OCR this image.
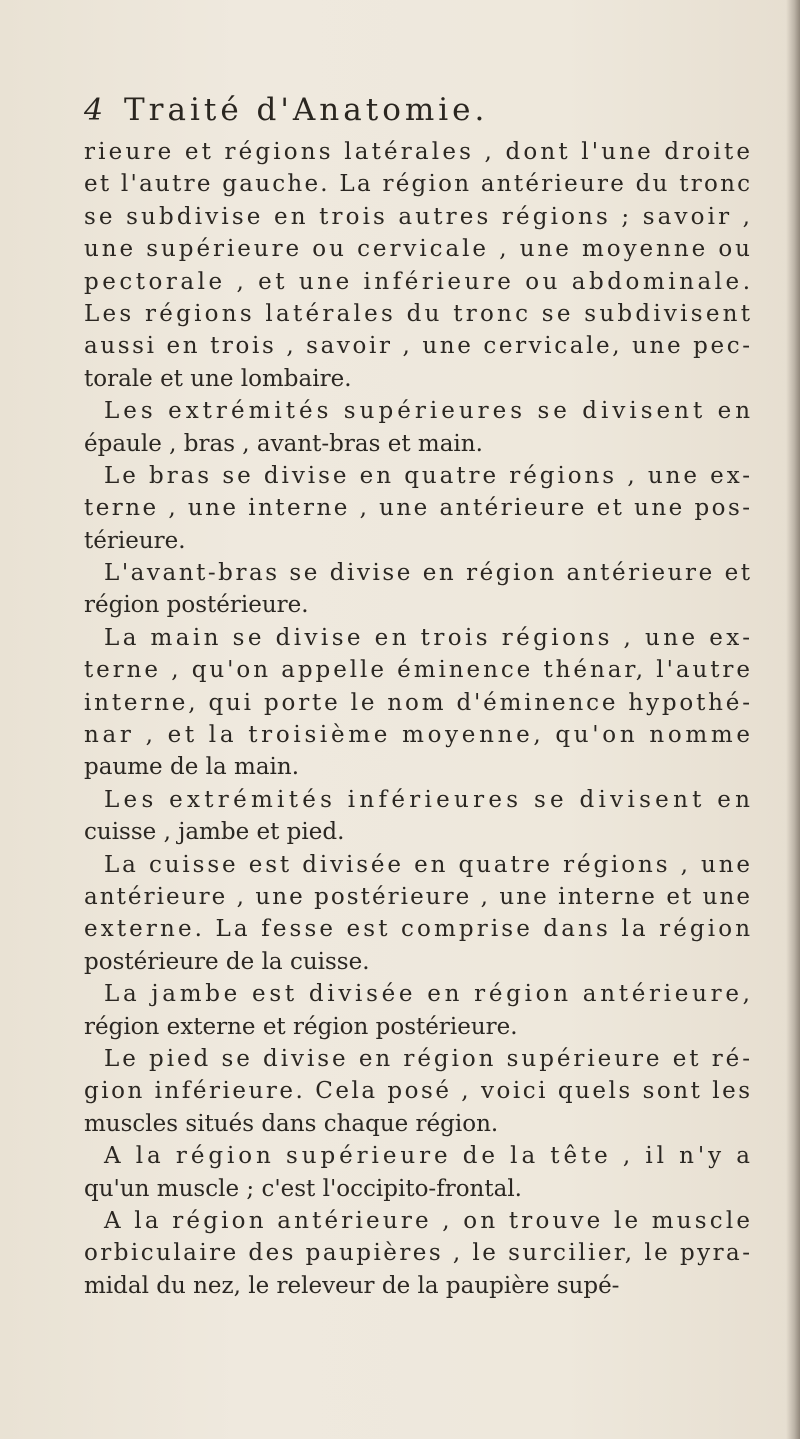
4 Traité d'Anatomie.
rieure et régions latérales , dont l'une droite
et l'autre gauche. La région antérieure du tronc
se subdivise en trois autres régions ; savoir ,
une supérieure ou cervicale , une moyenne ou
pectorale , et une inférieure ou abdominale.
Les régions latérales du tronc se subdivisent
aussi en trois , savoir , une cervicale, une pec-
torale et une lombaire.
Les extrémités supérieures se divisent en
épaule , bras , avant-bras et main.
Le bras se divise en quatre régions , une ex-
terne , une interne , une antérieure et une pos-
térieure.
L'avant-bras se divise en région antérieure et
région postérieure.
La main se divise en trois régions , une ex-
terne , qu'on appelle éminence thénar, l'autre
interne, qui porte le nom d'éminence hypothé-
nar , et la troisième moyenne, qu'on nomme
paume de la main.
Les extrémités inférieures se divisent en
cuisse , jambe et pied.
La cuisse est divisée en quatre régions , une
antérieure , une postérieure , une interne et une
externe. La fesse est comprise dans la région
postérieure de la cuisse.
La jambe est divisée en région antérieure,
région externe et région postérieure.
Le pied se divise en région supérieure et ré-
gion inférieure. Cela posé , voici quels sont les
muscles situés dans chaque région.
A la région supérieure de la tête , il n'y a
qu'un muscle ; c'est l'occipito-frontal.
A la région antérieure , on trouve le muscle
orbiculaire des paupières , le surcilier, le pyra-
midal du nez, le releveur de la paupière supé-
